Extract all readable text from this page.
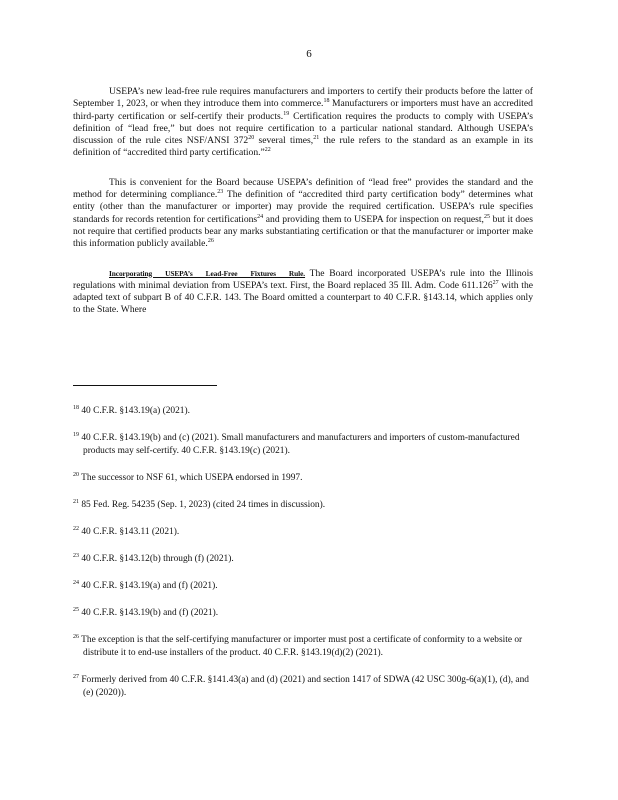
6

USEPA’s new lead-free rule requires manufacturers and importers to certify their products before the latter of September 1, 2023, or when they introduce them into commerce.$^{18}$ Manufacturers or importers must have an accredited third-party certification or self-certify their products.$^{19}$ Certification requires the products to comply with USEPA’s definition of “lead free,” but does not require certification to a particular national standard. Although USEPA’s discussion of the rule cites NSF/ANSI $372^{20}$ several times,$^{21}$ the rule refers to the standard as an example in its definition of “accredited third party certification.”$^{22}$

This is convenient for the Board because USEPA’s definition of “lead free” provides the standard and the method for determining compliance.$^{23}$ The definition of “accredited third party certification body” determines what entity (other than the manufacturer or importer) may provide the required certification. USEPA’s rule specifies standards for records retention for certifications$^{24}$ and providing them to USEPA for inspection on request,$^{25}$ but it does not require that certified products bear any marks substantiating certification or that the manufacturer or importer make this information publicly available.$^{26}$

Incorporating USEPA’s Lead-Free Fixtures Rule. The Board incorporated USEPA’s rule into the Illinois regulations with minimal deviation from USEPA’s text. First, the Board replaced 35 Ill. Adm. Code 611.126$^{27}$ with the adapted text of subpart B of 40 C.F.R. 143. The Board omitted a counterpart to 40 C.F.R. §143.14, which applies only to the State. Where

$^{18}$ 40 C.F.R. §143.19(a) (2021).
$^{19}$ 40 C.F.R. §143.19(b) and (c) (2021). Small manufacturers and manufacturers and importers of custom-manufactured products may self-certify. 40 C.F.R. §143.19(c) (2021).
$^{20}$ The successor to NSF 61, which USEPA endorsed in 1997.
$^{21}$ 85 Fed. Reg. 54235 (Sep. 1, 2023) (cited 24 times in discussion).
$^{22}$ 40 C.F.R. §143.11 (2021).
$^{23}$ 40 C.F.R. §143.12(b) through (f) (2021).
$^{24}$ 40 C.F.R. §143.19(a) and (f) (2021).
$^{25}$ 40 C.F.R. §143.19(b) and (f) (2021).
$^{26}$ The exception is that the self-certifying manufacturer or importer must post a certificate of conformity to a website or distribute it to end-use installers of the product. 40 C.F.R. §143.19(d)(2) (2021).
$^{27}$ Formerly derived from 40 C.F.R. §141.43(a) and (d) (2021) and section 1417 of SDWA (42 USC 300g-6(a)(1), (d), and (e) (2020)).
